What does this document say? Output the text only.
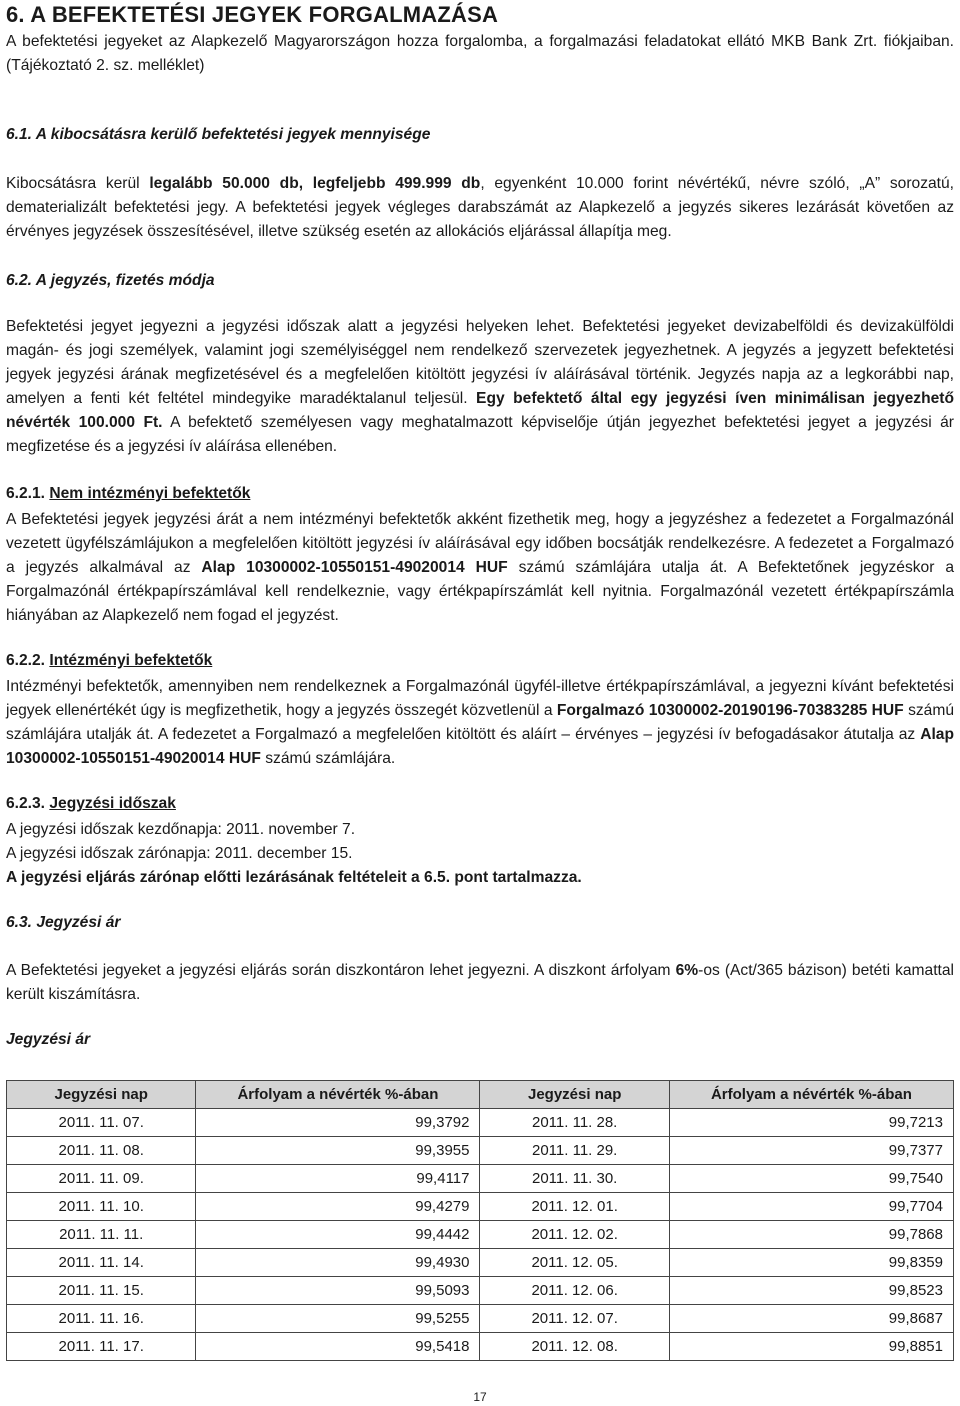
6. A BEFEKTETÉSI JEGYEK FORGALMAZÁSA

A befektetési jegyeket az Alapkezelő Magyarországon hozza forgalomba, a forgalmazási feladatokat ellátó MKB Bank Zrt. fiókjaiban. (Tájékoztató 2. sz. melléklet)

6.1. A kibocsátásra kerülő befektetési jegyek mennyisége

Kibocsátásra kerül legalább 50.000 db, legfeljebb 499.999 db, egyenként 10.000 forint névértékű, névre szóló, „A” sorozatú, dematerializált befektetési jegy. A befektetési jegyek végleges darabszámát az Alapkezelő a jegyzés sikeres lezárását követően az érvényes jegyzések összesítésével, illetve szükség esetén az allokációs eljárással állapítja meg.

6.2. A jegyzés, fizetés módja

Befektetési jegyet jegyezni a jegyzési időszak alatt a jegyzési helyeken lehet. Befektetési jegyeket devizabelföldi és devizakülföldi magán- és jogi személyek, valamint jogi személyiséggel nem rendelkező szervezetek jegyezhetnek. A jegyzés a jegyzett befektetési jegyek jegyzési árának megfizetésével és a megfelelően kitöltött jegyzési ív aláírásával történik. Jegyzés napja az a legkorábbi nap, amelyen a fenti két feltétel mindegyike maradéktalanul teljesül. Egy befektető által egy jegyzési íven minimálisan jegyezhető névérték 100.000 Ft. A befektető személyesen vagy meghatalmazott képviselője útján jegyezhet befektetési jegyet a jegyzési ár megfizetése és a jegyzési ív aláírása ellenében.

6.2.1. Nem intézményi befektetők

A Befektetési jegyek jegyzési árát a nem intézményi befektetők akként fizethetik meg, hogy a jegyzéshez a fedezetet a Forgalmazónál vezetett ügyfélszámlájukon a megfelelően kitöltött jegyzési ív aláírásával egy időben bocsátják rendelkezésre. A fedezetet a Forgalmazó a jegyzés alkalmával az Alap 10300002-10550151-49020014 HUF számú számlájára utalja át. A Befektetőnek jegyzéskor a Forgalmazónál értékpapírszámlával kell rendelkeznie, vagy értékpapírszámlát kell nyitnia. Forgalmazónál vezetett értékpapírszámla hiányában az Alapkezelő nem fogad el jegyzést.

6.2.2. Intézményi befektetők

Intézményi befektetők, amennyiben nem rendelkeznek a Forgalmazónál ügyfél-illetve értékpapírszámlával, a jegyezni kívánt befektetési jegyek ellenértékét úgy is megfizethetik, hogy a jegyzés összegét közvetlenül a Forgalmazó 10300002-20190196-70383285 HUF számú számlájára utalják át. A fedezetet a Forgalmazó a megfelelően kitöltött és aláírt – érvényes – jegyzési ív befogadásakor átutalja az Alap 10300002-10550151-49020014 HUF számú számlájára.

6.2.3. Jegyzési időszak

A jegyzési időszak kezdőnapja: 2011. november 7.

A jegyzési időszak zárónapja: 2011. december 15.

A jegyzési eljárás zárónap előtti lezárásának feltételeit a 6.5. pont tartalmazza.

6.3. Jegyzési ár

A Befektetési jegyeket a jegyzési eljárás során diszkontáron lehet jegyezni. A diszkont árfolyam 6%-os (Act/365 bázison) betéti kamattal került kiszámításra.

Jegyzési ár

Jegyzési nap	Árfolyam a névérték %-ában	Jegyzési nap	Árfolyam a névérték %-ában
2011. 11. 07.	99,3792	2011. 11. 28.	99,7213
2011. 11. 08.	99,3955	2011. 11. 29.	99,7377
2011. 11. 09.	99,4117	2011. 11. 30.	99,7540
2011. 11. 10.	99,4279	2011. 12. 01.	99,7704
2011. 11. 11.	99,4442	2011. 12. 02.	99,7868
2011. 11. 14.	99,4930	2011. 12. 05.	99,8359
2011. 11. 15.	99,5093	2011. 12. 06.	99,8523
2011. 11. 16.	99,5255	2011. 12. 07.	99,8687
2011. 11. 17.	99,5418	2011. 12. 08.	99,8851
17
